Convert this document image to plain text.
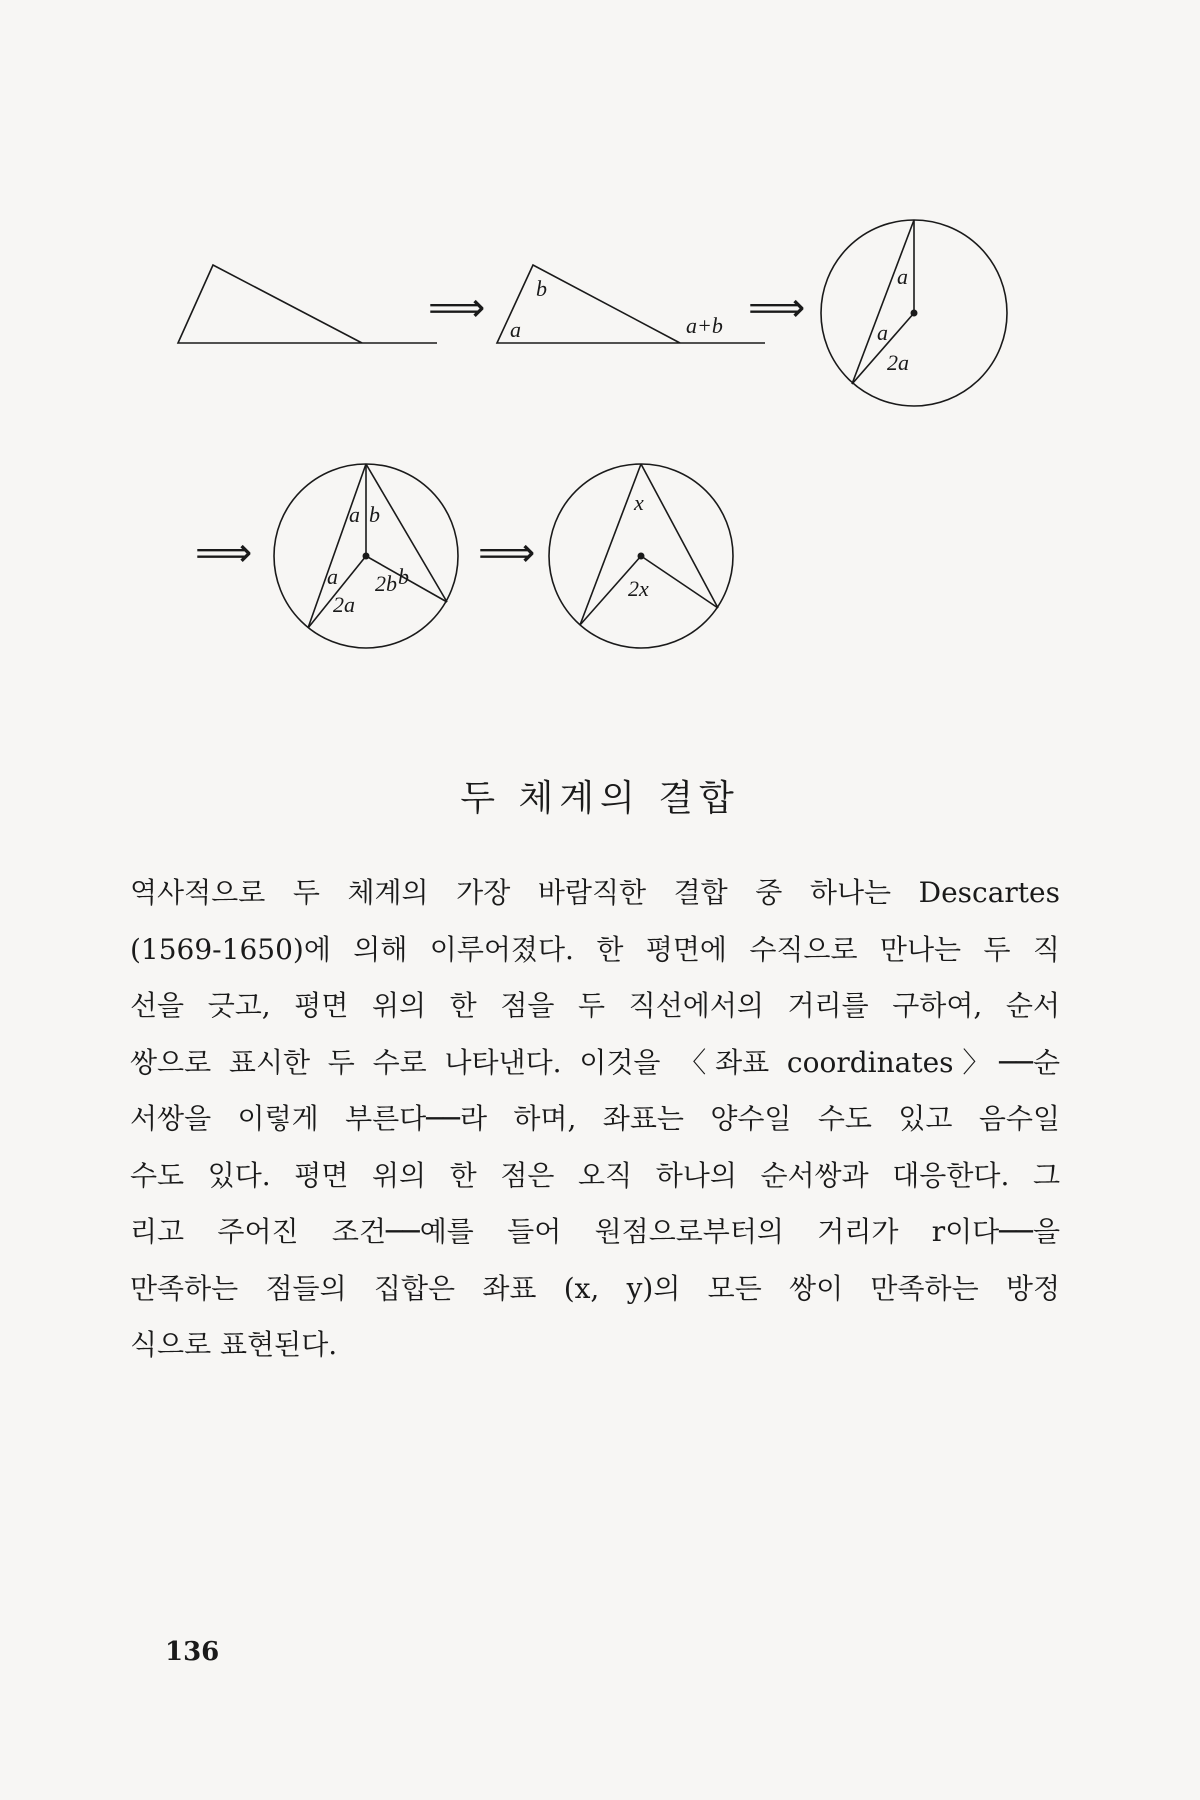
⟹	⟹
⟹	⟹
b
a	a+b
a
a
2a
a b
a
2a
2b b
x
2x
두 체계의 결합
역사적으로 두 체계의 가장 바람직한 결합 중 하나는 Descartes
(1569-1650)에 의해 이루어졌다. 한 평면에 수직으로 만나는 두 직
선을 긋고, 평면 위의 한 점을 두 직선에서의 거리를 구하여, 순서
쌍으로 표시한 두 수로 나타낸다. 이것을 〈좌표 coordinates〉──순
서쌍을 이렇게 부른다──라 하며, 좌표는 양수일 수도 있고 음수일
수도 있다. 평면 위의 한 점은 오직 하나의 순서쌍과 대응한다. 그
리고 주어진 조건──예를 들어 원점으로부터의 거리가 r이다──을
만족하는 점들의 집합은 좌표 (x, y)의 모든 쌍이 만족하는 방정
식으로 표현된다.

136
